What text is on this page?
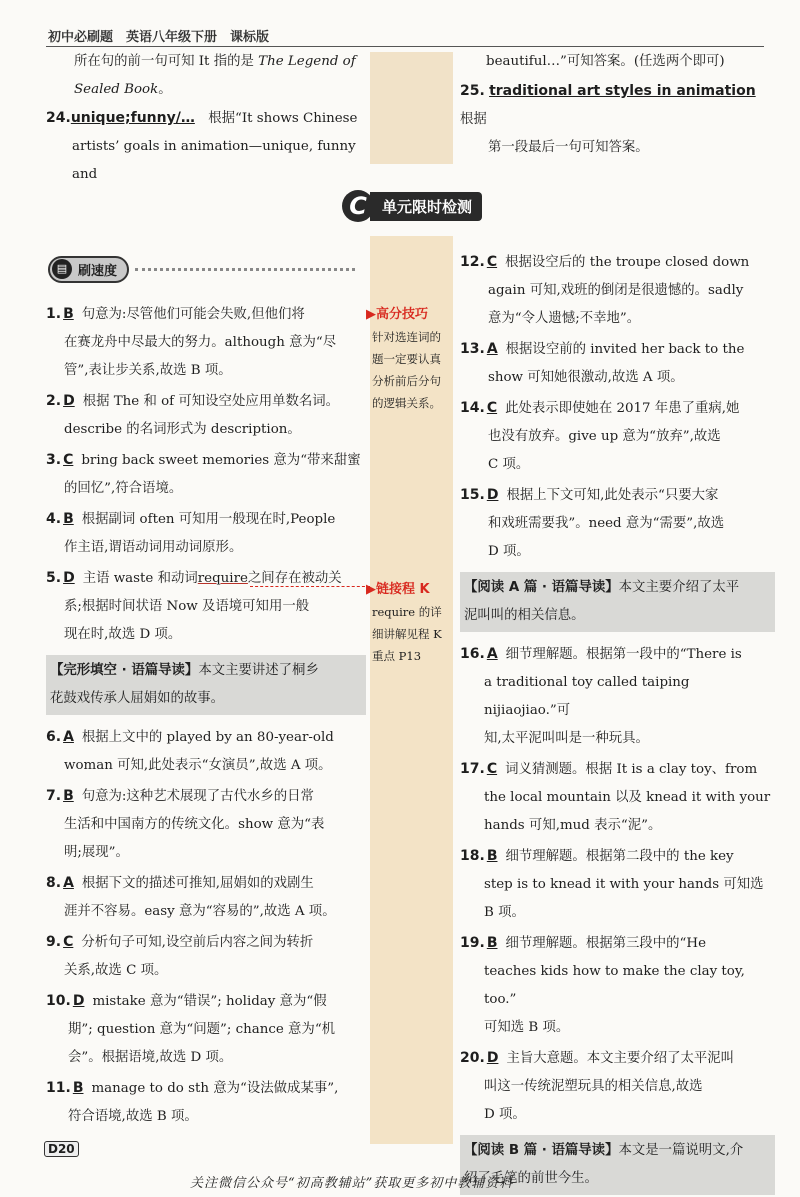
初中必刷题　英语八年级下册　课标版
所在句的前一句可知 It 指的是 The Legend of
Sealed Book。
24.unique;funny/…　 根据“It shows Chinese
artists’ goals in animation—unique, funny and
beautiful…”可知答案。(任选两个即可)
25. traditional art styles in animation　根据
第一段最后一句可知答案。
C	单元限时检测
▤ 刷速度
1. B 句意为:尽管他们可能会失败,但他们将
在赛龙舟中尽最大的努力。although 意为“尽
管”,表让步关系,故选 B 项。
2. D 根据 The 和 of 可知设空处应用单数名词。
describe 的名词形式为 description。
3. C bring back sweet memories 意为“带来甜蜜
的回忆”,符合语境。
4. B 根据副词 often 可知用一般现在时,People
作主语,谓语动词用动词原形。
5. D 主语 waste 和动词require之间存在被动关
系;根据时间状语 Now 及语境可知用一般
现在时,故选 D 项。
【完形填空 · 语篇导读】本文主要讲述了桐乡
花鼓戏传承人屈娟如的故事。
6. A 根据上文中的 played by an 80-year-old
woman 可知,此处表示“女演员”,故选 A 项。
7. B 句意为:这种艺术展现了古代水乡的日常
生活和中国南方的传统文化。show 意为“表
明;展现”。
8. A 根据下文的描述可推知,屈娟如的戏剧生
涯并不容易。easy 意为“容易的”,故选 A 项。
9. C 分析句子可知,设空前后内容之间为转折
关系,故选 C 项。
10. D mistake 意为“错误”; holiday 意为“假
期”; question 意为“问题”; chance 意为“机
会”。根据语境,故选 D 项。
11. B manage to do sth 意为“设法做成某事”,
符合语境,故选 B 项。
▶高分技巧
针对选连词的
题一定要认真
分析前后分句
的逻辑关系。
▶链接程 K
require 的详
细讲解见程 K
重点 P13
12. C 根据设空后的 the troupe closed down
again 可知,戏班的倒闭是很遗憾的。sadly
意为“令人遗憾;不幸地”。
13. A 根据设空前的 invited her back to the
show 可知她很激动,故选 A 项。
14. C 此处表示即使她在 2017 年患了重病,她
也没有放弃。give up 意为“放弃”,故选
C 项。
15. D 根据上下文可知,此处表示“只要大家
和戏班需要我”。need 意为“需要”,故选
D 项。
【阅读 A 篇 · 语篇导读】本文主要介绍了太平
泥叫叫的相关信息。
16. A 细节理解题。根据第一段中的“There is
a traditional toy called taiping nijiaojiao.”可
知,太平泥叫叫是一种玩具。
17. C 词义猜测题。根据 It is a clay toy、from
the local mountain 以及 knead it with your
hands 可知,mud 表示“泥”。
18. B 细节理解题。根据第二段中的 the key
step is to knead it with your hands 可知选
B 项。
19. B 细节理解题。根据第三段中的“He
teaches kids how to make the clay toy, too.”
可知选 B 项。
20. D 主旨大意题。本文主要介绍了太平泥叫
叫这一传统泥塑玩具的相关信息,故选
D 项。
【阅读 B 篇 · 语篇导读】本文是一篇说明文,介
绍了毛笔的前世今生。
D20
关注微信公众号“初高教辅站”获取更多初中教辅资料
